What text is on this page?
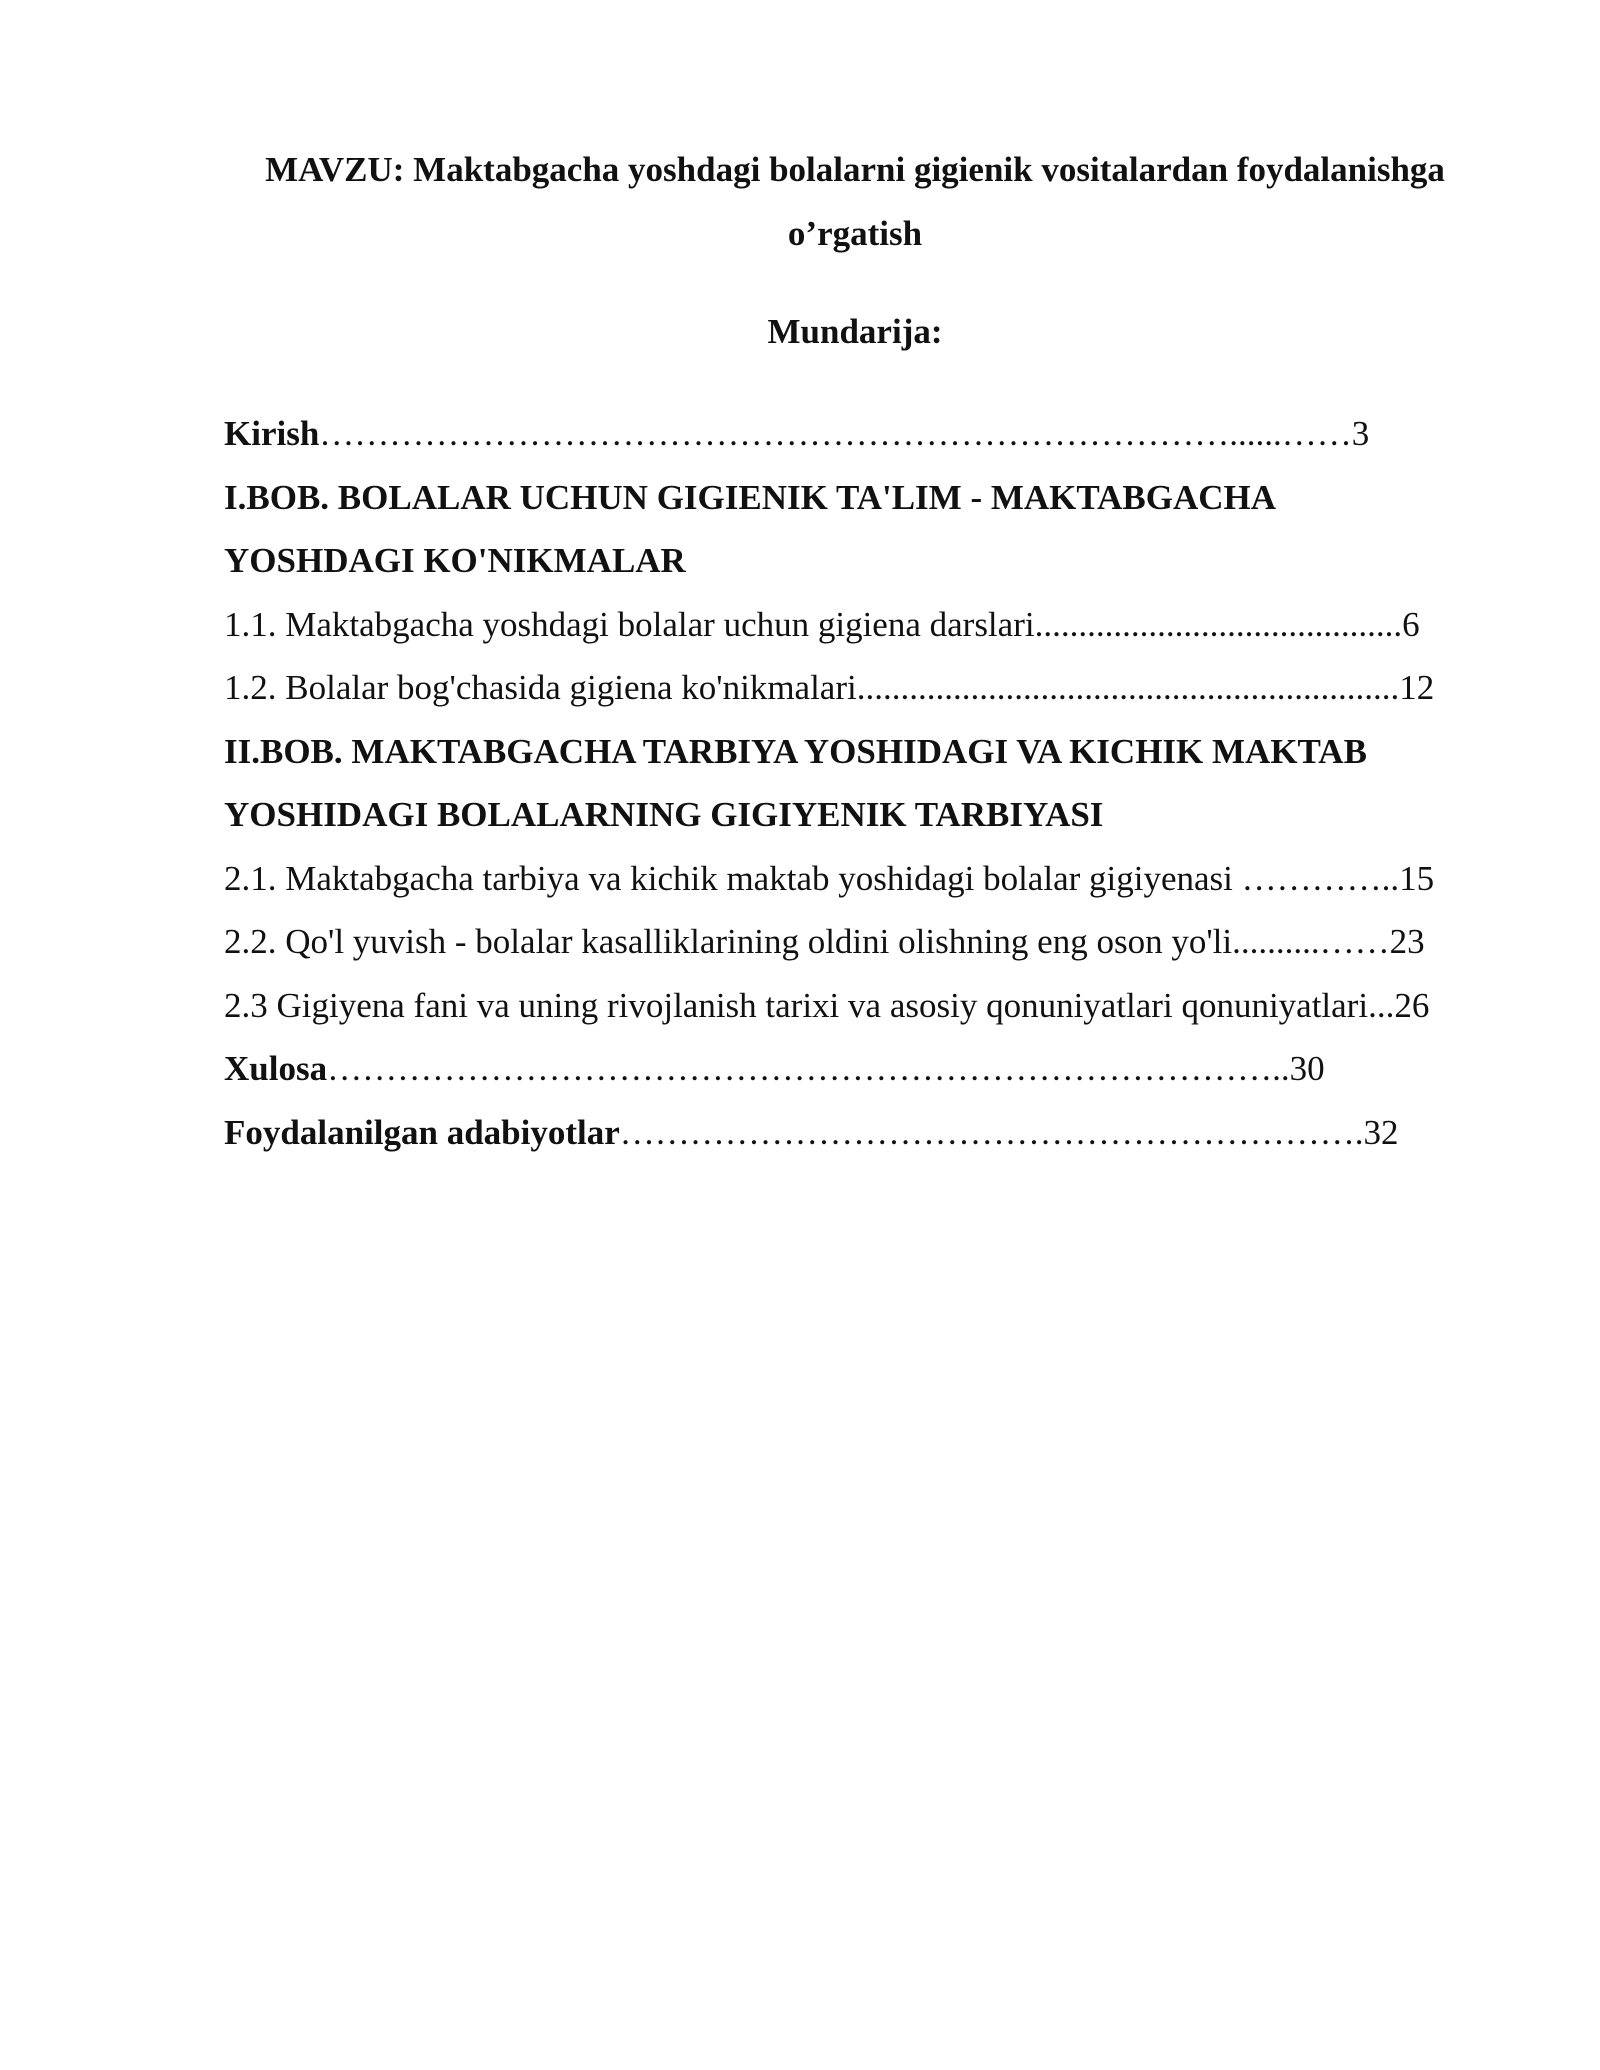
MAVZU: Maktabgacha yoshdagi bolalarni gigienik vositalardan foydalanishga
o’rgatish
Mundarija:
Kirish……………………………………………………………………......……3
I.BOB. BOLALAR UCHUN GIGIENIK TA'LIM - MAKTABGACHA
YOSHDAGI KO'NIKMALAR
1.1. Maktabgacha yoshdagi bolalar uchun gigiena darslari..........................................6
1.2. Bolalar bog'chasida gigiena ko'nikmalari..............................................................12
II.BOB. MAKTABGACHA TARBIYA YOSHIDAGI VA KICHIK MAKTAB
YOSHIDAGI BOLALARNING GIGIYENIK TARBIYASI
2.1. Maktabgacha tarbiya va kichik maktab yoshidagi bolalar gigiyenasi …………..15
2.2. Qo'l yuvish - bolalar kasalliklarining oldini olishning eng oson yo'li..........……23
2.3 Gigiyena fani va uning rivojlanish tarixi va asosiy qonuniyatlari qonuniyatlari...26
Xulosa………………………………………………………………………..30
Foydalanilgan adabiyotlar……………………………………………………….32
